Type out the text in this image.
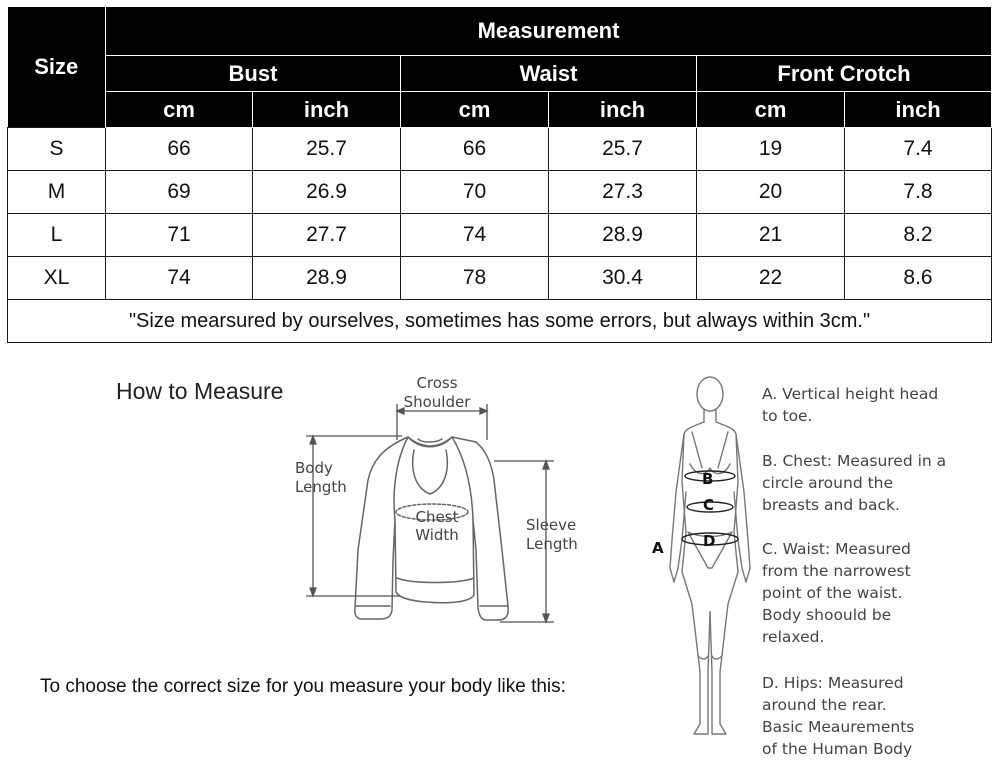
Size	Measurement					
	Bust		Waist		Front Crotch	
	cm	inch	cm	inch	cm	inch
S	66	25.7	66	25.7	19	7.4
M	69	26.9	70	27.3	20	7.8
L	71	27.7	74	28.9	21	8.2
XL	74	28.9	78	30.4	22	8.6
"Size mearsured by ourselves, sometimes has some errors, but always within 3cm."						
How to Measure	Cross
Shoulder
Body
Length
Chest
Width
Sleeve
Length
To choose the correct size for you measure your body like this:
B
C
D
A
A. Vertical height head
to toe.
B. Chest: Measured in a
circle around the
breasts and back.
C. Waist: Measured
from the narrowest
point of the waist.
Body shoould be
relaxed.
D. Hips: Measured
around the rear.
Basic Meaurements
of the Human Body
